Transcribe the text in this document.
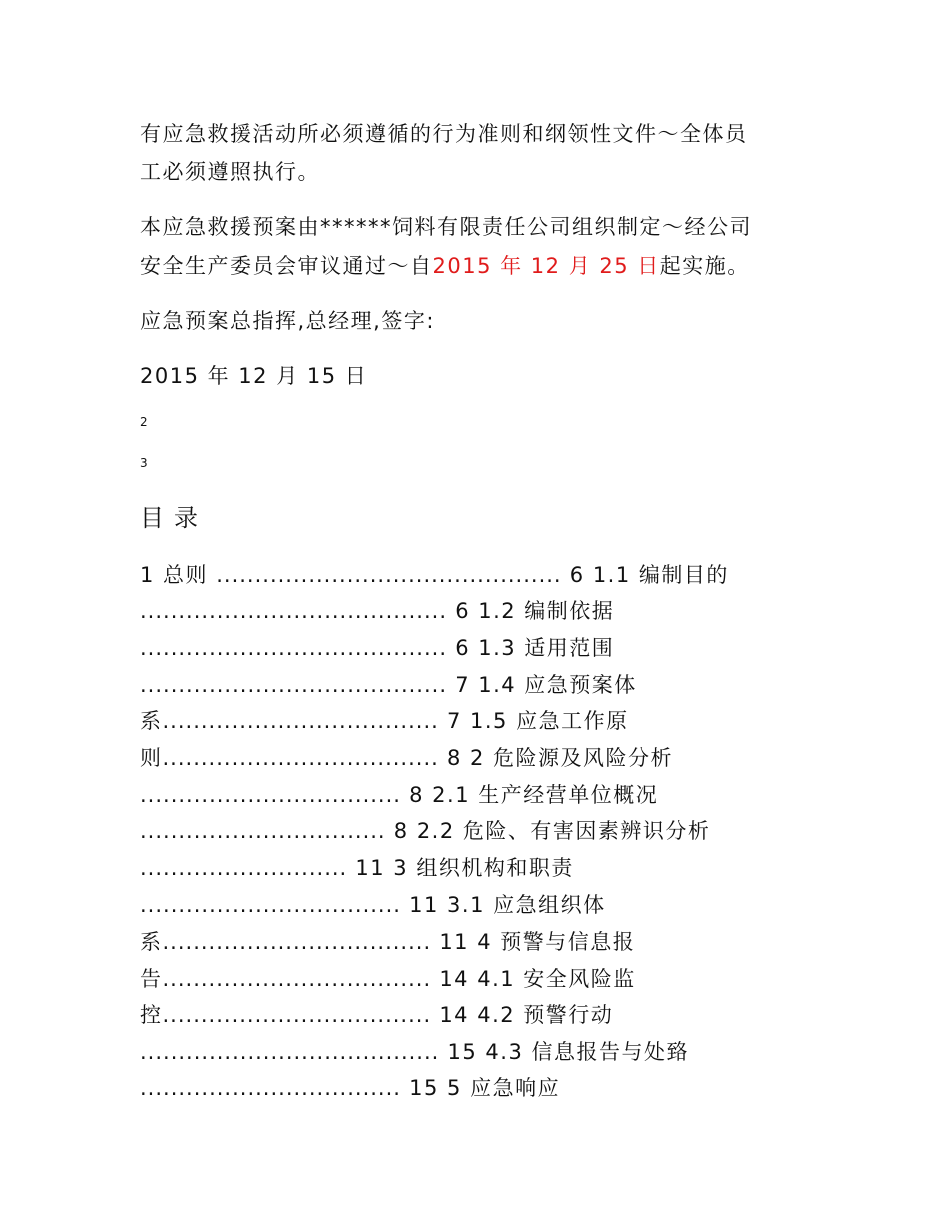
有应急救援活动所必须遵循的行为准则和纲领性文件～全体员
工必须遵照执行。
本应急救援预案由******饲料有限责任公司组织制定～经公司
安全生产委员会审议通过～自2015 年 12 月 25 日起实施。
应急预案总指挥,总经理,签字:
2015 年 12 月 15 日
2
3
目录
1 总则 ............................................. 6 1.1 编制目的
........................................ 6 1.2 编制依据
........................................ 6 1.3 适用范围
........................................ 7 1.4 应急预案体
系.................................... 7 1.5 应急工作原
则.................................... 8 2 危险源及风险分析
.................................. 8 2.1 生产经营单位概况
................................ 8 2.2 危险、有害因素辨识分析
........................... 11 3 组织机构和职责
.................................. 11 3.1 应急组织体
系................................... 11 4 预警与信息报
告................................... 14 4.1 安全风险监
控................................... 14 4.2 预警行动
....................................... 15 4.3 信息报告与处臵
.................................. 15 5 应急响应
